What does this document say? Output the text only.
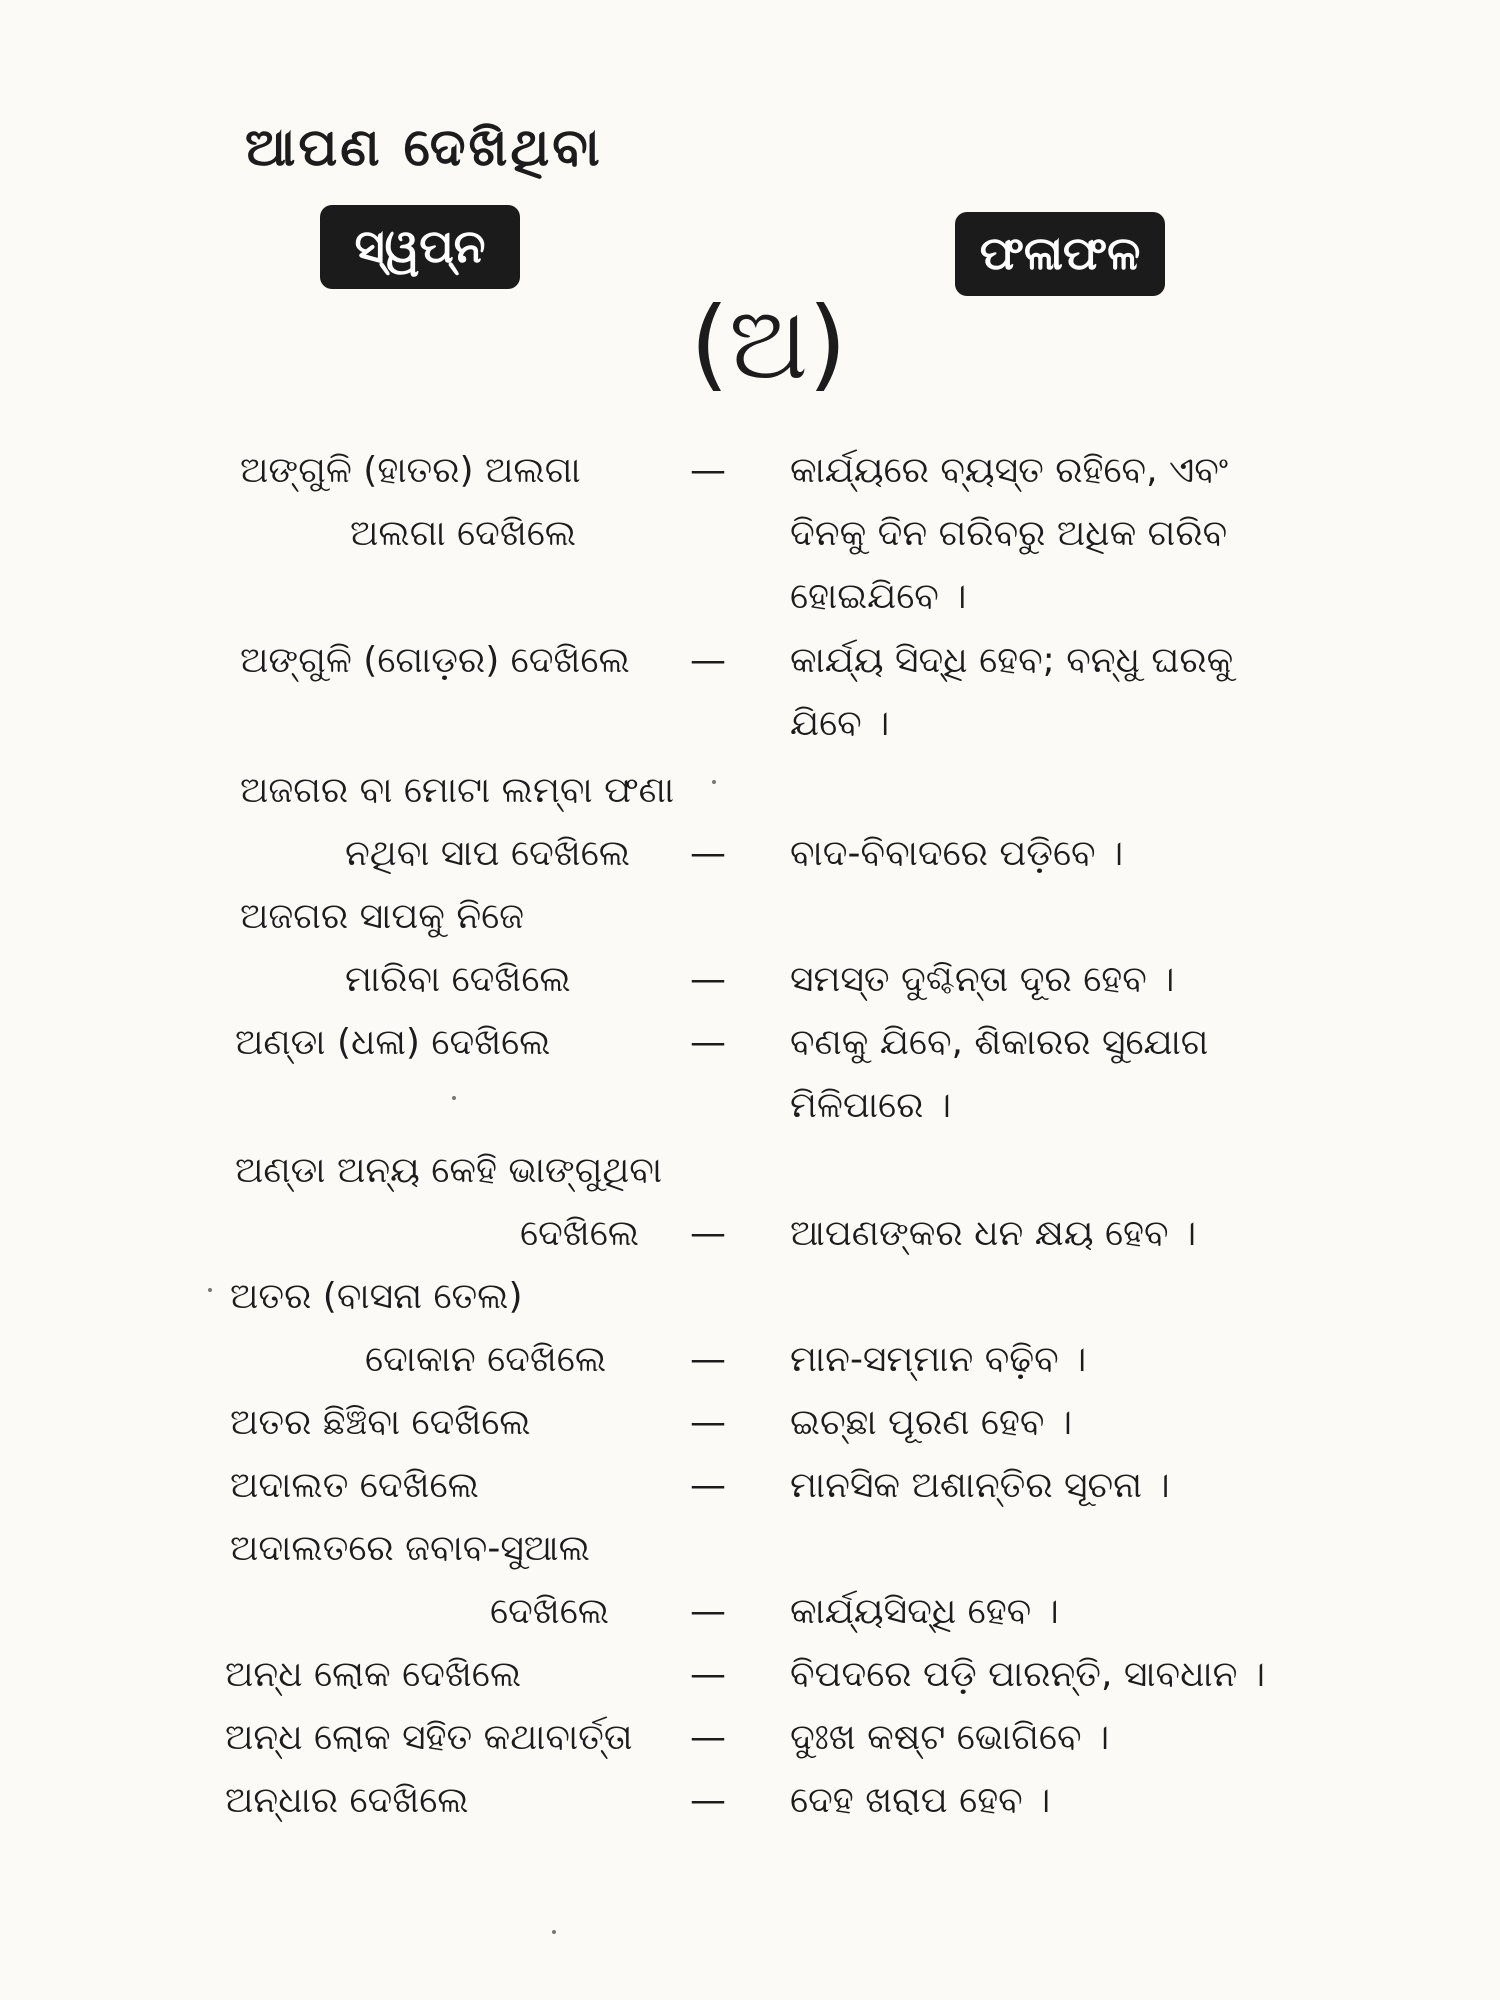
ଆପଣ ଦେଖିଥିବା
ସ୍ୱପ୍ନ	ଫଳାଫଳ
(ଅ)
ଅଙ୍ଗୁଳି (ହାତର) ଅଲଗା
ଅଲଗା ଦେଖିଲେ
— କାର୍ଯ୍ୟରେ ବ୍ୟସ୍ତ ରହିବେ, ଏବଂ
ଦିନକୁ ଦିନ ଗରିବରୁ ଅଧିକ ଗରିବ
ହୋଇଯିବେ ।
ଅଙ୍ଗୁଳି (ଗୋଡ଼ର) ଦେଖିଲେ — କାର୍ଯ୍ୟ ସିଦ୍ଧି ହେବ; ବନ୍ଧୁ ଘରକୁ
ଯିବେ ।
ଅଜଗର ବା ମୋଟା ଲମ୍ବା ଫଣା
ନଥିବା ସାପ ଦେଖିଲେ — ବାଦ-ବିବାଦରେ ପଡ଼ିବେ ।
ଅଜଗର ସାପକୁ ନିଜେ
ମାରିବା ଦେଖିଲେ	— ସମସ୍ତ ଦୁଶ୍ଚିନ୍ତା ଦୂର ହେବ ।
ଅଣ୍ଡା (ଧଳା) ଦେଖିଲେ	— ବଣକୁ ଯିବେ, ଶିକାରର ସୁଯୋଗ
ମିଳିପାରେ ।
ଅଣ୍ଡା ଅନ୍ୟ କେହି ଭାଙ୍ଗୁଥିବା
ଦେଖିଲେ — ଆପଣଙ୍କର ଧନ କ୍ଷୟ ହେବ ।
ଅତର (ବାସନା ତେଲ)
ଦୋକାନ ଦେଖିଲେ — ମାନ-ସମ୍ମାନ ବଢ଼ିବ ।
ଅତର ଛିଞ୍ଚିବା ଦେଖିଲେ	— ଇଚ୍ଛା ପୂରଣ ହେବ ।
ଅଦାଲତ ଦେଖିଲେ	— ମାନସିକ ଅଶାନ୍ତିର ସୂଚନା ।
ଅଦାଲତରେ ଜବାବ-ସୁଆଲ
ଦେଖିଲେ — କାର୍ଯ୍ୟସିଦ୍ଧି ହେବ ।
ଅନ୍ଧ ଲୋକ ଦେଖିଲେ	— ବିପଦରେ ପଡ଼ି ପାରନ୍ତି, ସାବଧାନ ।
ଅନ୍ଧ ଲୋକ ସହିତ କଥାବାର୍ତ୍ତା — ଦୁଃଖ କଷ୍ଟ ଭୋଗିବେ ।
ଅନ୍ଧାର ଦେଖିଲେ	— ଦେହ ଖରାପ ହେବ ।
